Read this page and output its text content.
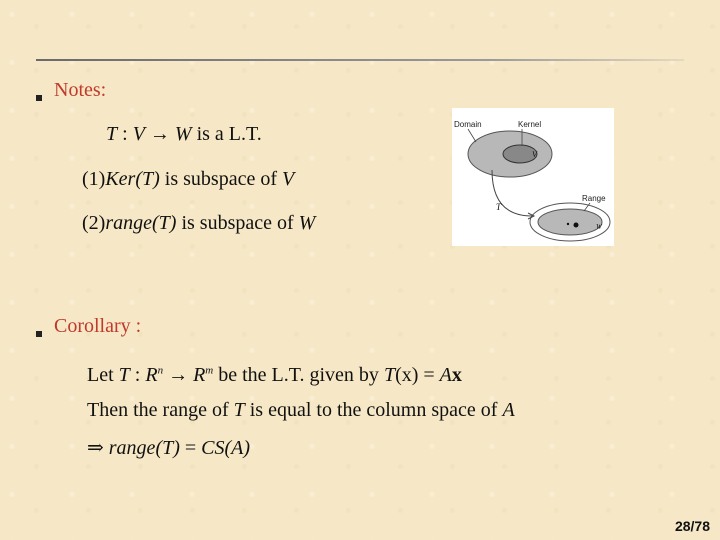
Notes:
T : V → W is a L.T.
(1)Ker(T) is subspace of V
(2)range(T) is subspace of W
Domain	Kernel
V
Range
T
W
Corollary :
Let T : $R^n \to R^m$ be the L.T. given by T(x) = Ax
Then the range of T is equal to the column space of A
⇒ range(T) = CS(A)
28/78
